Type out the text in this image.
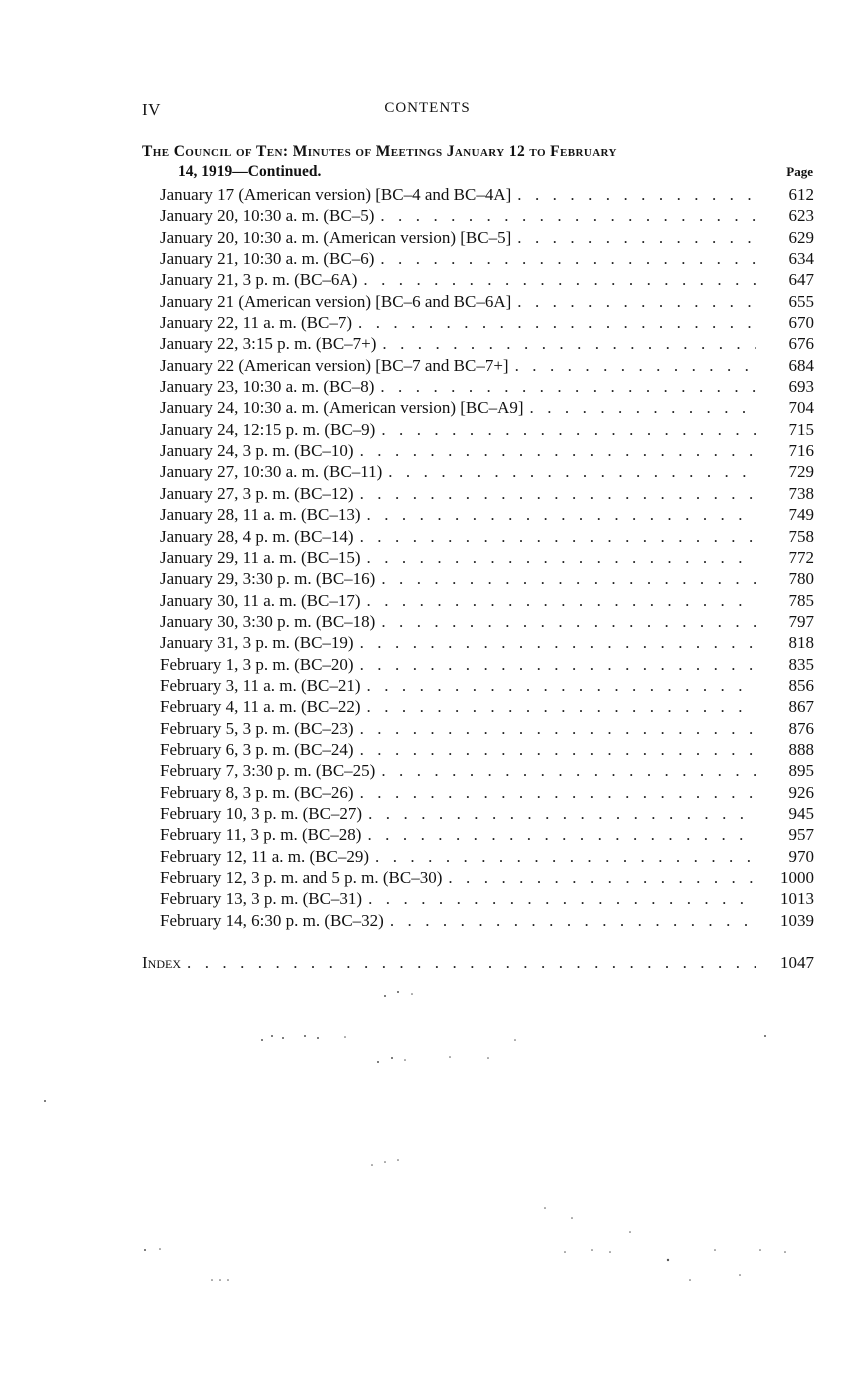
IV	CONTENTS
The Council of Ten: Minutes of Meetings January 12 to February
14, 1919—Continued.	Page
January 17 (American version) [BC–4 and BC–4A] . . .	612
January 20, 10:30 a. m. (BC–5) . . .	623
January 20, 10:30 a. m. (American version) [BC–5] . . .	629
January 21, 10:30 a. m. (BC–6) . . .	634
January 21, 3 p. m. (BC–6A) . . .	647
January 21 (American version) [BC–6 and BC–6A] . . .	655
January 22, 11 a. m. (BC–7) . . .	670
January 22, 3:15 p. m. (BC–7+) . . .	676
January 22 (American version) [BC–7 and BC–7+] . . .	684
January 23, 10:30 a. m. (BC–8) . . .	693
January 24, 10:30 a. m. (American version) [BC–A9] . . .	704
January 24, 12:15 p. m. (BC–9) . . .	715
January 24, 3 p. m. (BC–10) . . .	716
January 27, 10:30 a. m. (BC–11) . . .	729
January 27, 3 p. m. (BC–12) . . .	738
January 28, 11 a. m. (BC–13) . . .	749
January 28, 4 p. m. (BC–14) . . .	758
January 29, 11 a. m. (BC–15) . . .	772
January 29, 3:30 p. m. (BC–16) . . .	780
January 30, 11 a. m. (BC–17) . . .	785
January 30, 3:30 p. m. (BC–18) . . .	797
January 31, 3 p. m. (BC–19) . . .	818
February 1, 3 p. m. (BC–20) . . .	835
February 3, 11 a. m. (BC–21) . . .	856
February 4, 11 a. m. (BC–22) . . .	867
February 5, 3 p. m. (BC–23) . . .	876
February 6, 3 p. m. (BC–24) . . .	888
February 7, 3:30 p. m. (BC–25) . . .	895
February 8, 3 p. m. (BC–26) . . .	926
February 10, 3 p. m. (BC–27) . . .	945
February 11, 3 p. m. (BC–28) . . .	957
February 12, 11 a. m. (BC–29) . . .	970
February 12, 3 p. m. and 5 p. m. (BC–30) . . .	1000
February 13, 3 p. m. (BC–31) . . .	1013
February 14, 6:30 p. m. (BC–32) . . .	1039
Index . . .	1047
